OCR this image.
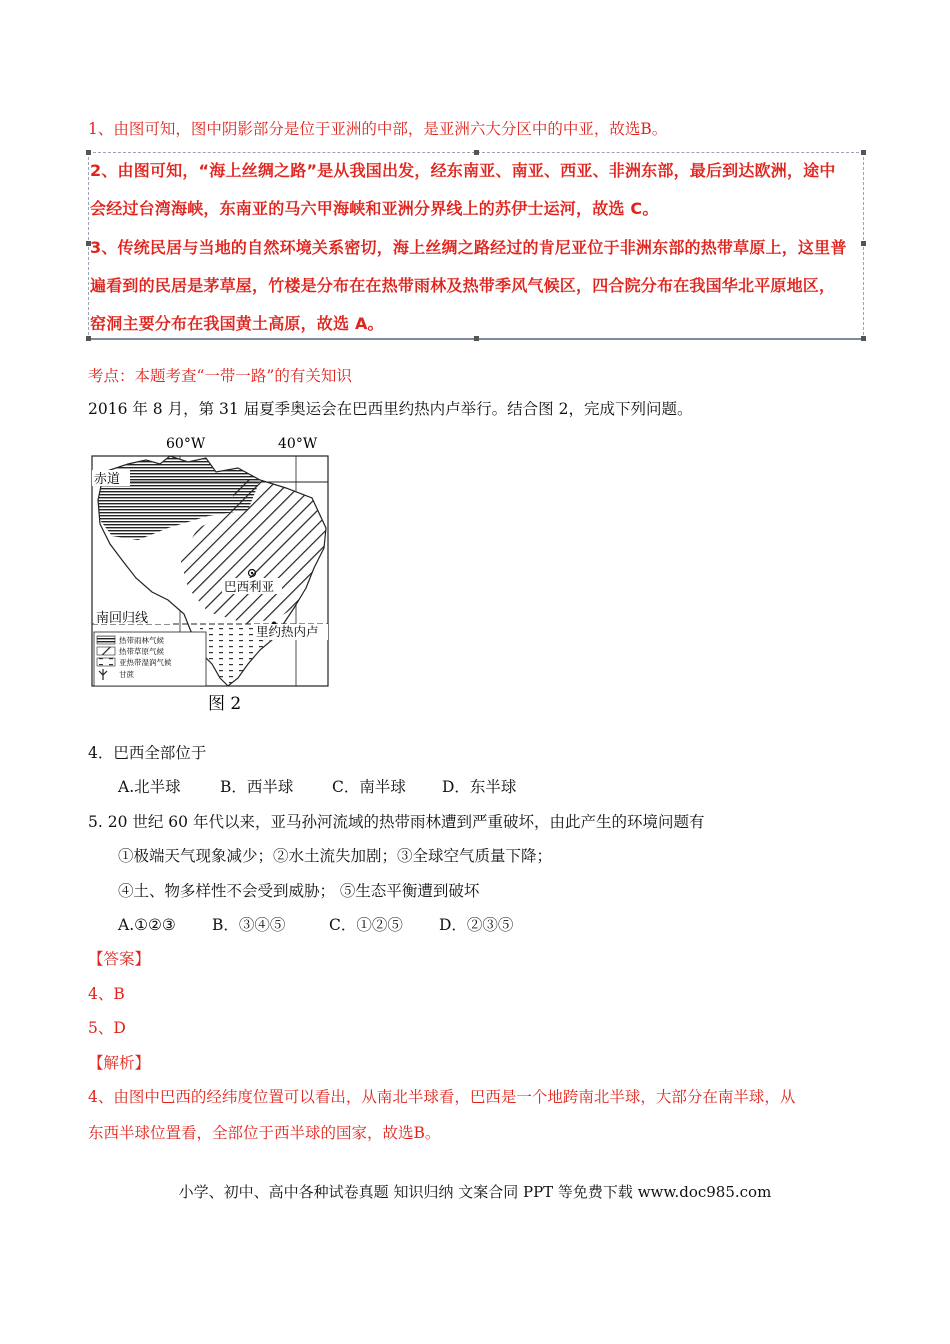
1、由图可知，图中阴影部分是位于亚洲的中部，是亚洲六大分区中的中亚，故选B。
2、由图可知，“海上丝绸之路”是从我国出发，经东南亚、南亚、西亚、非洲东部，最后到达欧洲，途中
会经过台湾海峡，东南亚的马六甲海峡和亚洲分界线上的苏伊士运河，故选 C。
3、传统民居与当地的自然环境关系密切，海上丝绸之路经过的肯尼亚位于非洲东部的热带草原上，这里普
遍看到的民居是茅草屋，竹楼是分布在在热带雨林及热带季风气候区，四合院分布在我国华北平原地区，
窑洞主要分布在我国黄土高原，故选 A。
考点：本题考查“一带一路”的有关知识
2016 年 8 月，第 31 届夏季奥运会在巴西里约热内卢举行。结合图 2，完成下列问题。
60°W	40°W
赤道
南回归线
巴西利亚
里约热内卢
热带雨林气候
热带草原气候
亚热带湿润气候
甘蔗
图 2
4．巴西全部位于
A.北半球	B．西半球 C．南半球 D．东半球
5. 20 世纪 60 年代以来，亚马孙河流域的热带雨林遭到严重破坏，由此产生的环境问题有
①极端天气现象减少；②水土流失加剧；③全球空气质量下降；
④土、物多样性不会受到威胁； ⑤生态平衡遭到破坏
A.①②③ B．③④⑤	C．①②⑤ D．②③⑤
【答案】
4、B
5、D
【解析】
4、由图中巴西的经纬度位置可以看出，从南北半球看，巴西是一个地跨南北半球，大部分在南半球，从
东西半球位置看，全部位于西半球的国家，故选B。
小学、初中、高中各种试卷真题 知识归纳 文案合同 PPT 等免费下载 www.doc985.com
